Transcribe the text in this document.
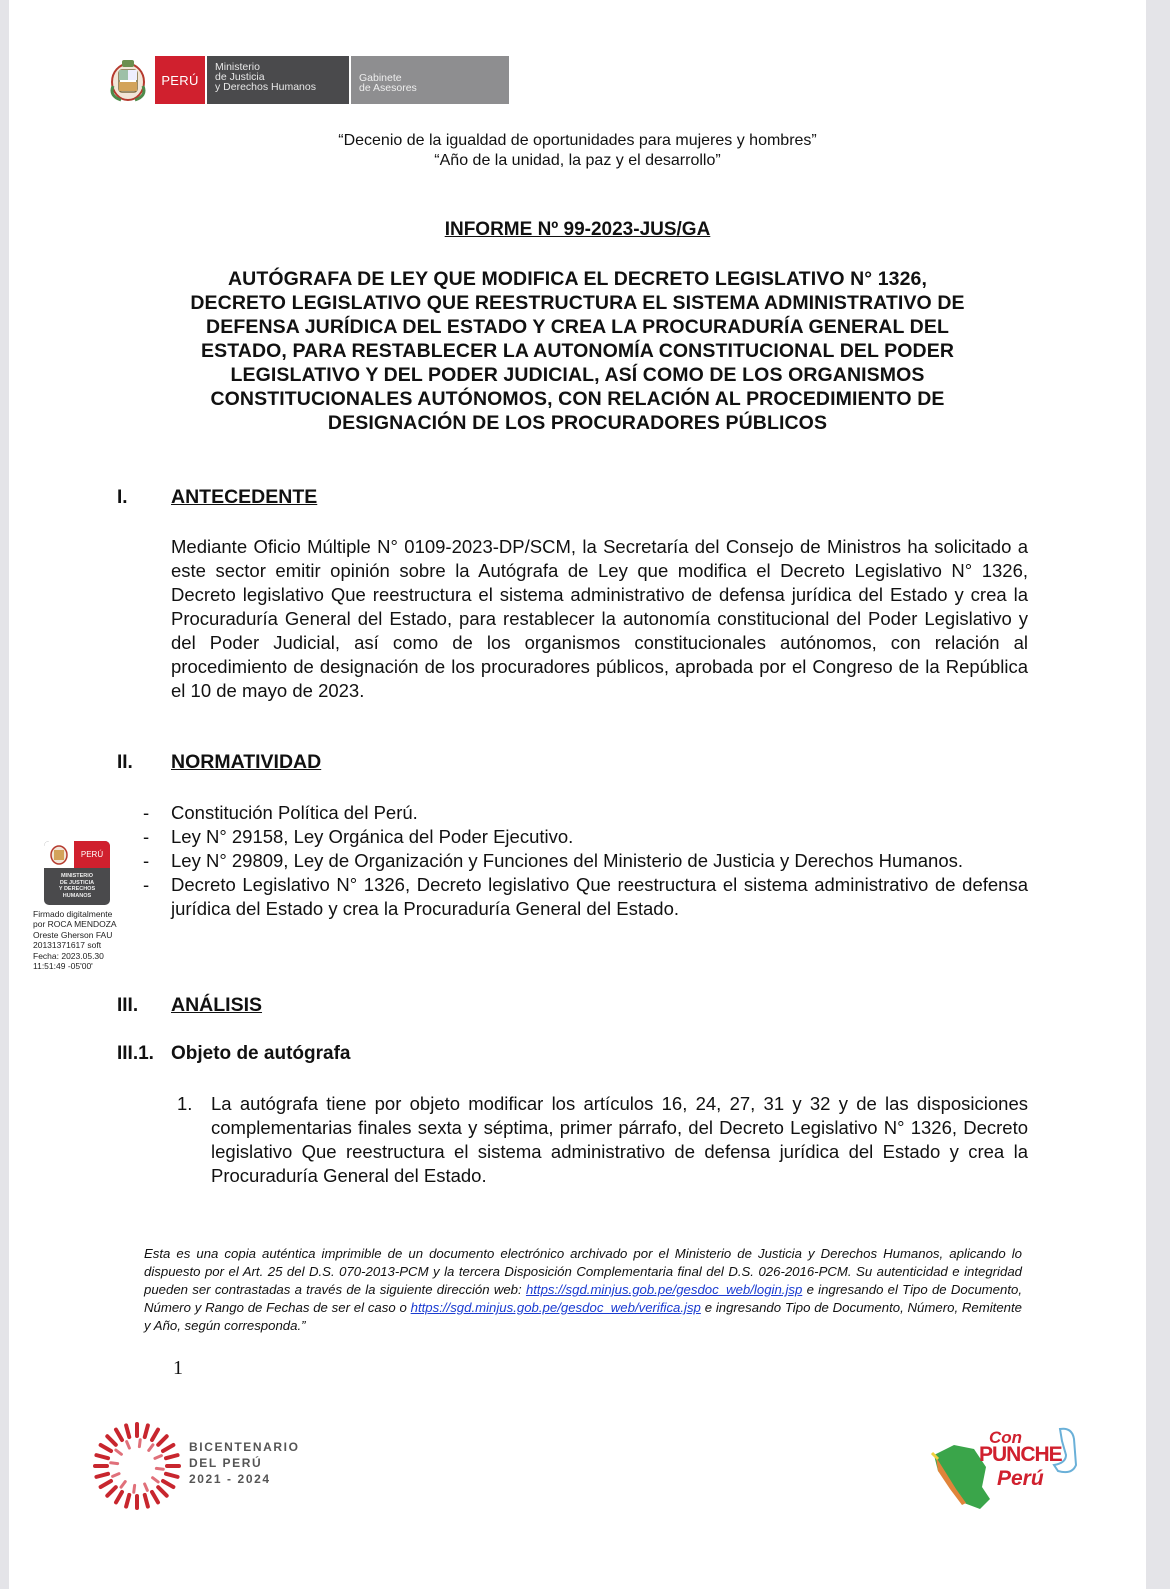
PERÚ
Ministerio
de Justicia
y Derechos Humanos
Gabinete
de Asesores
“Decenio de la igualdad de oportunidades para mujeres y hombres”
“Año de la unidad, la paz y el desarrollo”
INFORME Nº 99-2023-JUS/GA
AUTÓGRAFA DE LEY QUE MODIFICA EL DECRETO LEGISLATIVO N° 1326,
DECRETO LEGISLATIVO QUE REESTRUCTURA EL SISTEMA ADMINISTRATIVO DE
DEFENSA JURÍDICA DEL ESTADO Y CREA LA PROCURADURÍA GENERAL DEL
ESTADO, PARA RESTABLECER LA AUTONOMÍA CONSTITUCIONAL DEL PODER
LEGISLATIVO Y DEL PODER JUDICIAL, ASÍ COMO DE LOS ORGANISMOS
CONSTITUCIONALES AUTÓNOMOS, CON RELACIÓN AL PROCEDIMIENTO DE
DESIGNACIÓN DE LOS PROCURADORES PÚBLICOS
I. ANTECEDENTE
Mediante Oficio Múltiple N° 0109-2023-DP/SCM, la Secretaría del Consejo de Ministros ha solicitado a este sector emitir opinión sobre la Autógrafa de Ley que modifica el Decreto Legislativo N° 1326, Decreto legislativo Que reestructura el sistema administrativo de defensa jurídica del Estado y crea la Procuraduría General del Estado, para restablecer la autonomía constitucional del Poder Legislativo y del Poder Judicial, así como de los organismos constitucionales autónomos, con relación al procedimiento de designación de los procuradores públicos, aprobada por el Congreso de la República el 10 de mayo de 2023.
II. NORMATIVIDAD
- Constitución Política del Perú.
- Ley N° 29158, Ley Orgánica del Poder Ejecutivo.
- Ley N° 29809, Ley de Organización y Funciones del Ministerio de Justicia y Derechos Humanos.
- Decreto Legislativo N° 1326, Decreto legislativo Que reestructura el sistema administrativo de defensa jurídica del Estado y crea la Procuraduría General del Estado.
PERÚ
MINISTERIO
DE JUSTICIA
Y DERECHOS
HUMANOS
Firmado digitalmente
por ROCA MENDOZA
Oreste Gherson FAU
20131371617 soft
Fecha: 2023.05.30
11:51:49 -05'00'
III. ANÁLISIS
III.1. Objeto de autógrafa
1. La autógrafa tiene por objeto modificar los artículos 16, 24, 27, 31 y 32 y de las disposiciones complementarias finales sexta y séptima, primer párrafo, del Decreto Legislativo N° 1326, Decreto legislativo Que reestructura el sistema administrativo de defensa jurídica del Estado y crea la Procuraduría General del Estado.
Esta es una copia auténtica imprimible de un documento electrónico archivado por el Ministerio de Justicia y Derechos Humanos, aplicando lo dispuesto por el Art. 25 del D.S. 070-2013-PCM y la tercera Disposición Complementaria final del D.S. 026-2016-PCM. Su autenticidad e integridad pueden ser contrastadas a través de la siguiente dirección web: https://sgd.minjus.gob.pe/gesdoc_web/login.jsp e ingresando el Tipo de Documento, Número y Rango de Fechas de ser el caso o https://sgd.minjus.gob.pe/gesdoc_web/verifica.jsp e ingresando Tipo de Documento, Número, Remitente y Año, según corresponda.”
1
BICENTENARIO
DEL PERÚ
2021 - 2024
Con
PUNCHE
Perú
